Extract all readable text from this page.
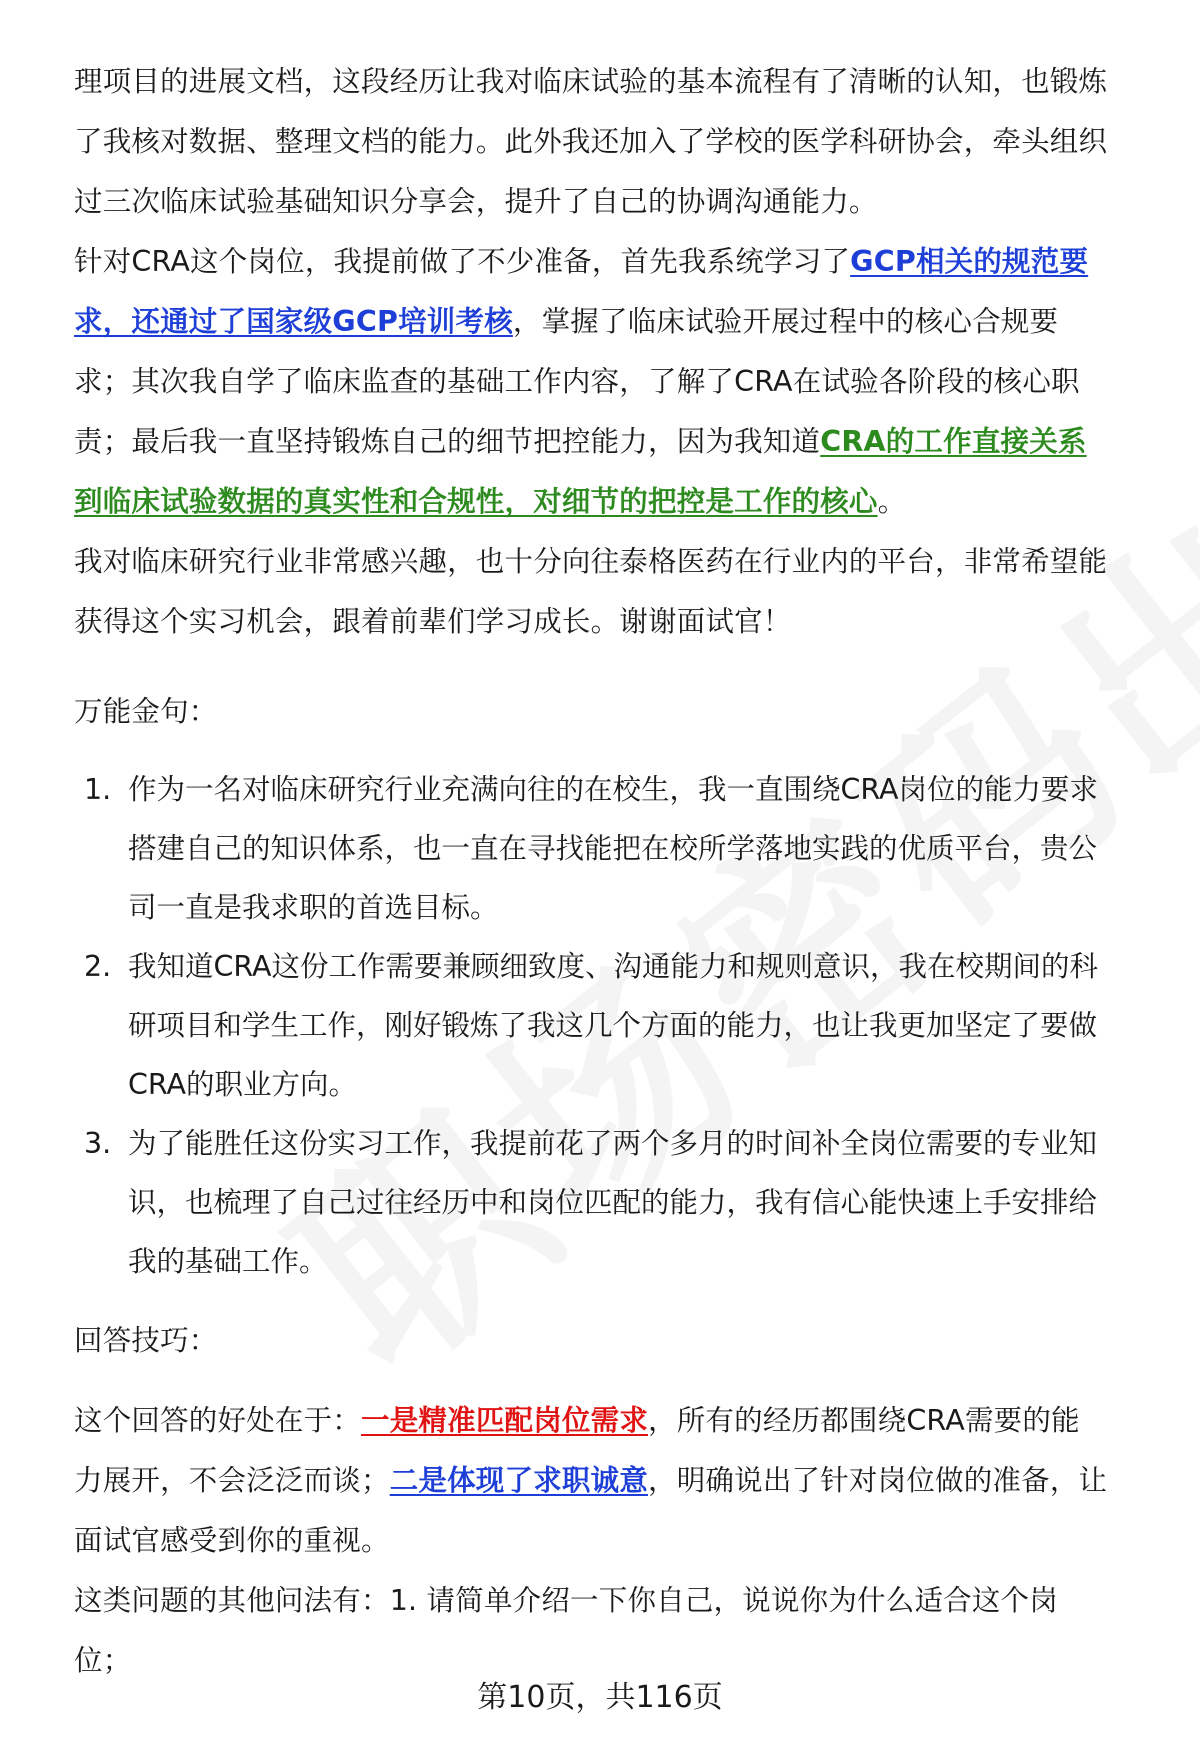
理项目的进展文档，这段经历让我对临床试验的基本流程有了清晰的认知，也锻炼了我核对数据、整理文档的能力。此外我还加入了学校的医学科研协会，牵头组织过三次临床试验基础知识分享会，提升了自己的协调沟通能力。

针对CRA这个岗位，我提前做了不少准备，首先我系统学习了GCP相关的规范要求，还通过了国家级GCP培训考核，掌握了临床试验开展过程中的核心合规要求；其次我自学了临床监查的基础工作内容，了解了CRA在试验各阶段的核心职责；最后我一直坚持锻炼自己的细节把控能力，因为我知道CRA的工作直接关系到临床试验数据的真实性和合规性，对细节的把控是工作的核心。

我对临床研究行业非常感兴趣，也十分向往泰格医药在行业内的平台，非常希望能获得这个实习机会，跟着前辈们学习成长。谢谢面试官！

万能金句：

1. 作为一名对临床研究行业充满向往的在校生，我一直围绕CRA岗位的能力要求搭建自己的知识体系，也一直在寻找能把在校所学落地实践的优质平台，贵公司一直是我求职的首选目标。
2. 我知道CRA这份工作需要兼顾细致度、沟通能力和规则意识，我在校期间的科研项目和学生工作，刚好锻炼了我这几个方面的能力，也让我更加坚定了要做CRA的职业方向。
3. 为了能胜任这份实习工作，我提前花了两个多月的时间补全岗位需要的专业知识，也梳理了自己过往经历中和岗位匹配的能力，我有信心能快速上手安排给我的基础工作。

回答技巧：

这个回答的好处在于：一是精准匹配岗位需求，所有的经历都围绕CRA需要的能力展开，不会泛泛而谈；二是体现了求职诚意，明确说出了针对岗位做的准备，让面试官感受到你的重视。

这类问题的其他问法有：1. 请简单介绍一下你自己，说说你为什么适合这个岗位；

第10页，共116页
